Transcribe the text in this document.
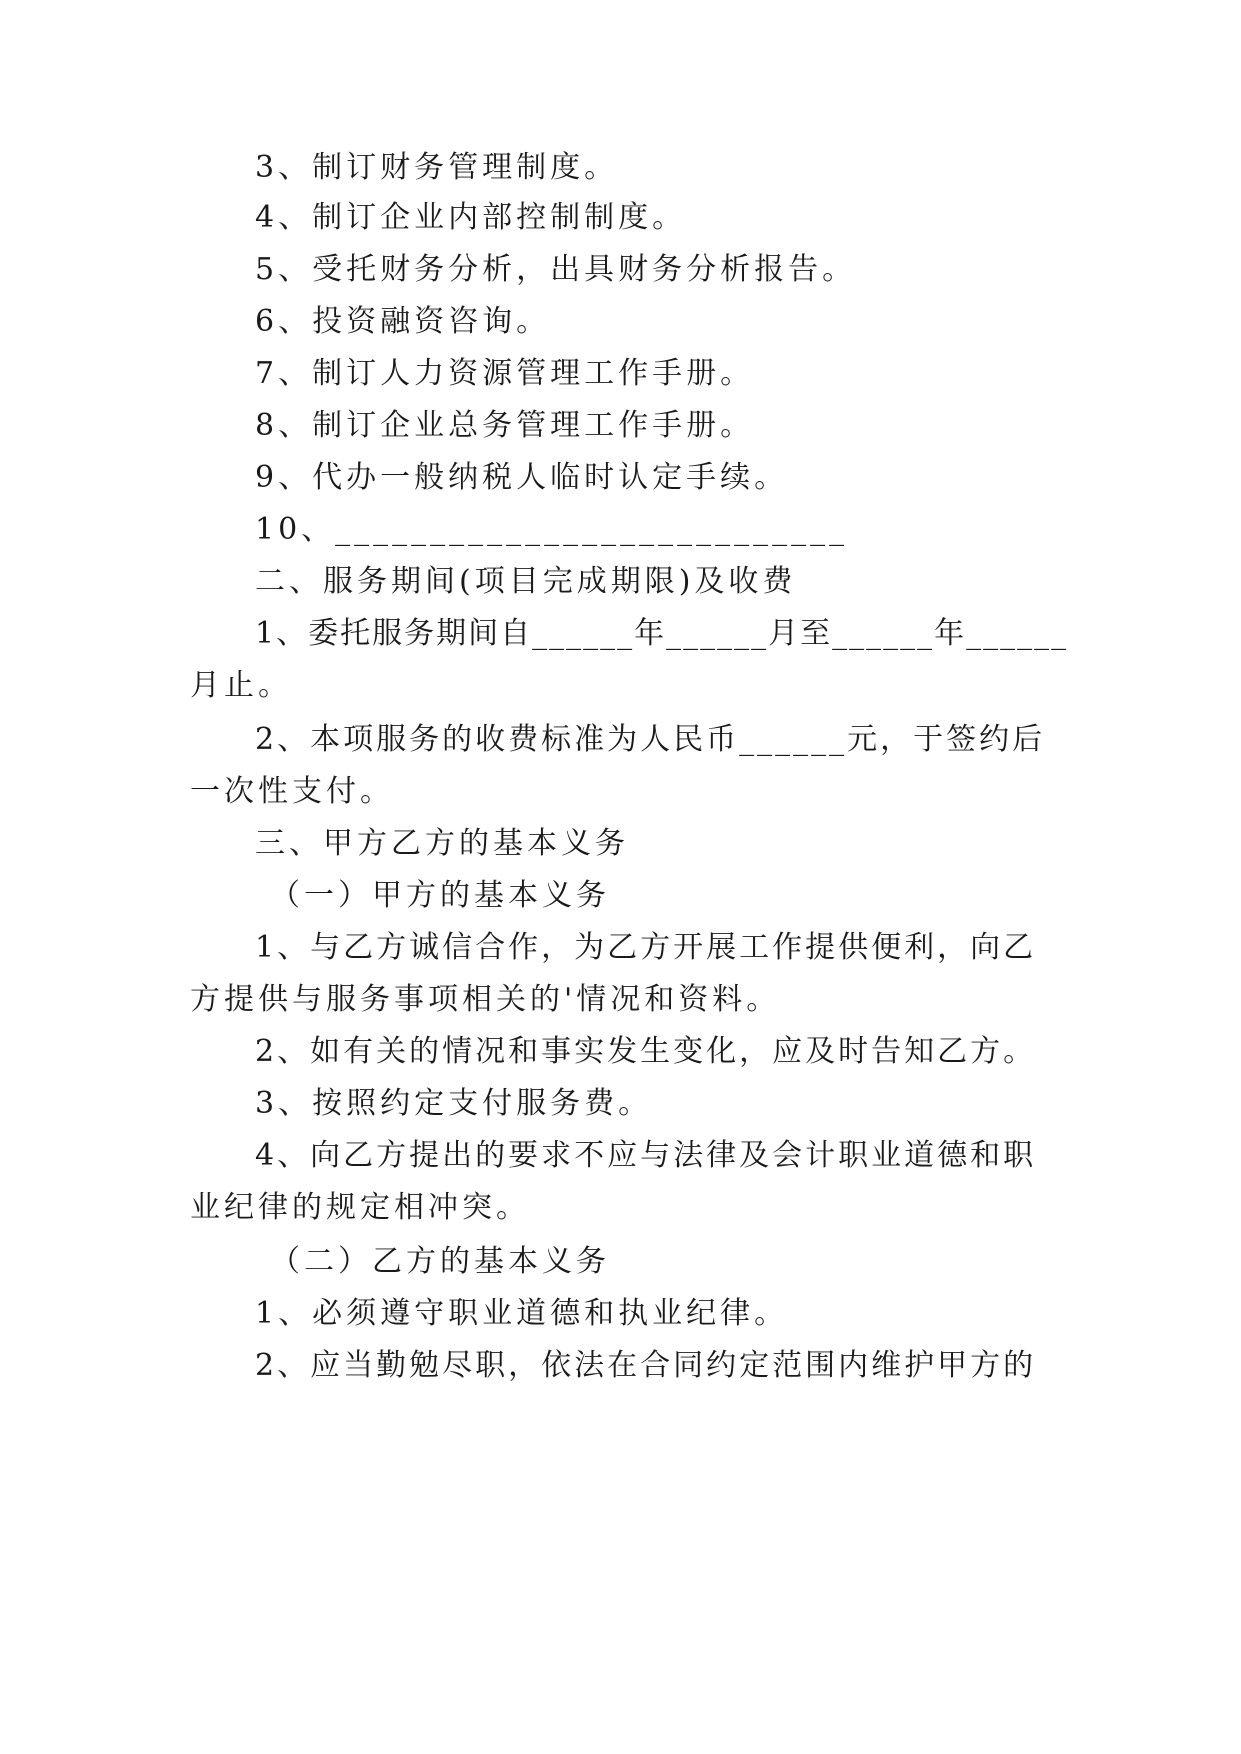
3、制订财务管理制度。
4、制订企业内部控制制度。
5、受托财务分析，出具财务分析报告。
6、投资融资咨询。
7、制订人力资源管理工作手册。
8、制订企业总务管理工作手册。
9、代办一般纳税人临时认定手续。
10、___________________________
二、服务期间(项目完成期限)及收费
1、委托服务期间自______年______月至______年______
月止。
2、本项服务的收费标准为人民币______元，于签约后
一次性支付。
三、甲方乙方的基本义务
（一）甲方的基本义务
1、与乙方诚信合作，为乙方开展工作提供便利，向乙
方提供与服务事项相关的'情况和资料。
2、如有关的情况和事实发生变化，应及时告知乙方。
3、按照约定支付服务费。
4、向乙方提出的要求不应与法律及会计职业道德和职
业纪律的规定相冲突。
（二）乙方的基本义务
1、必须遵守职业道德和执业纪律。
2、应当勤勉尽职，依法在合同约定范围内维护甲方的
